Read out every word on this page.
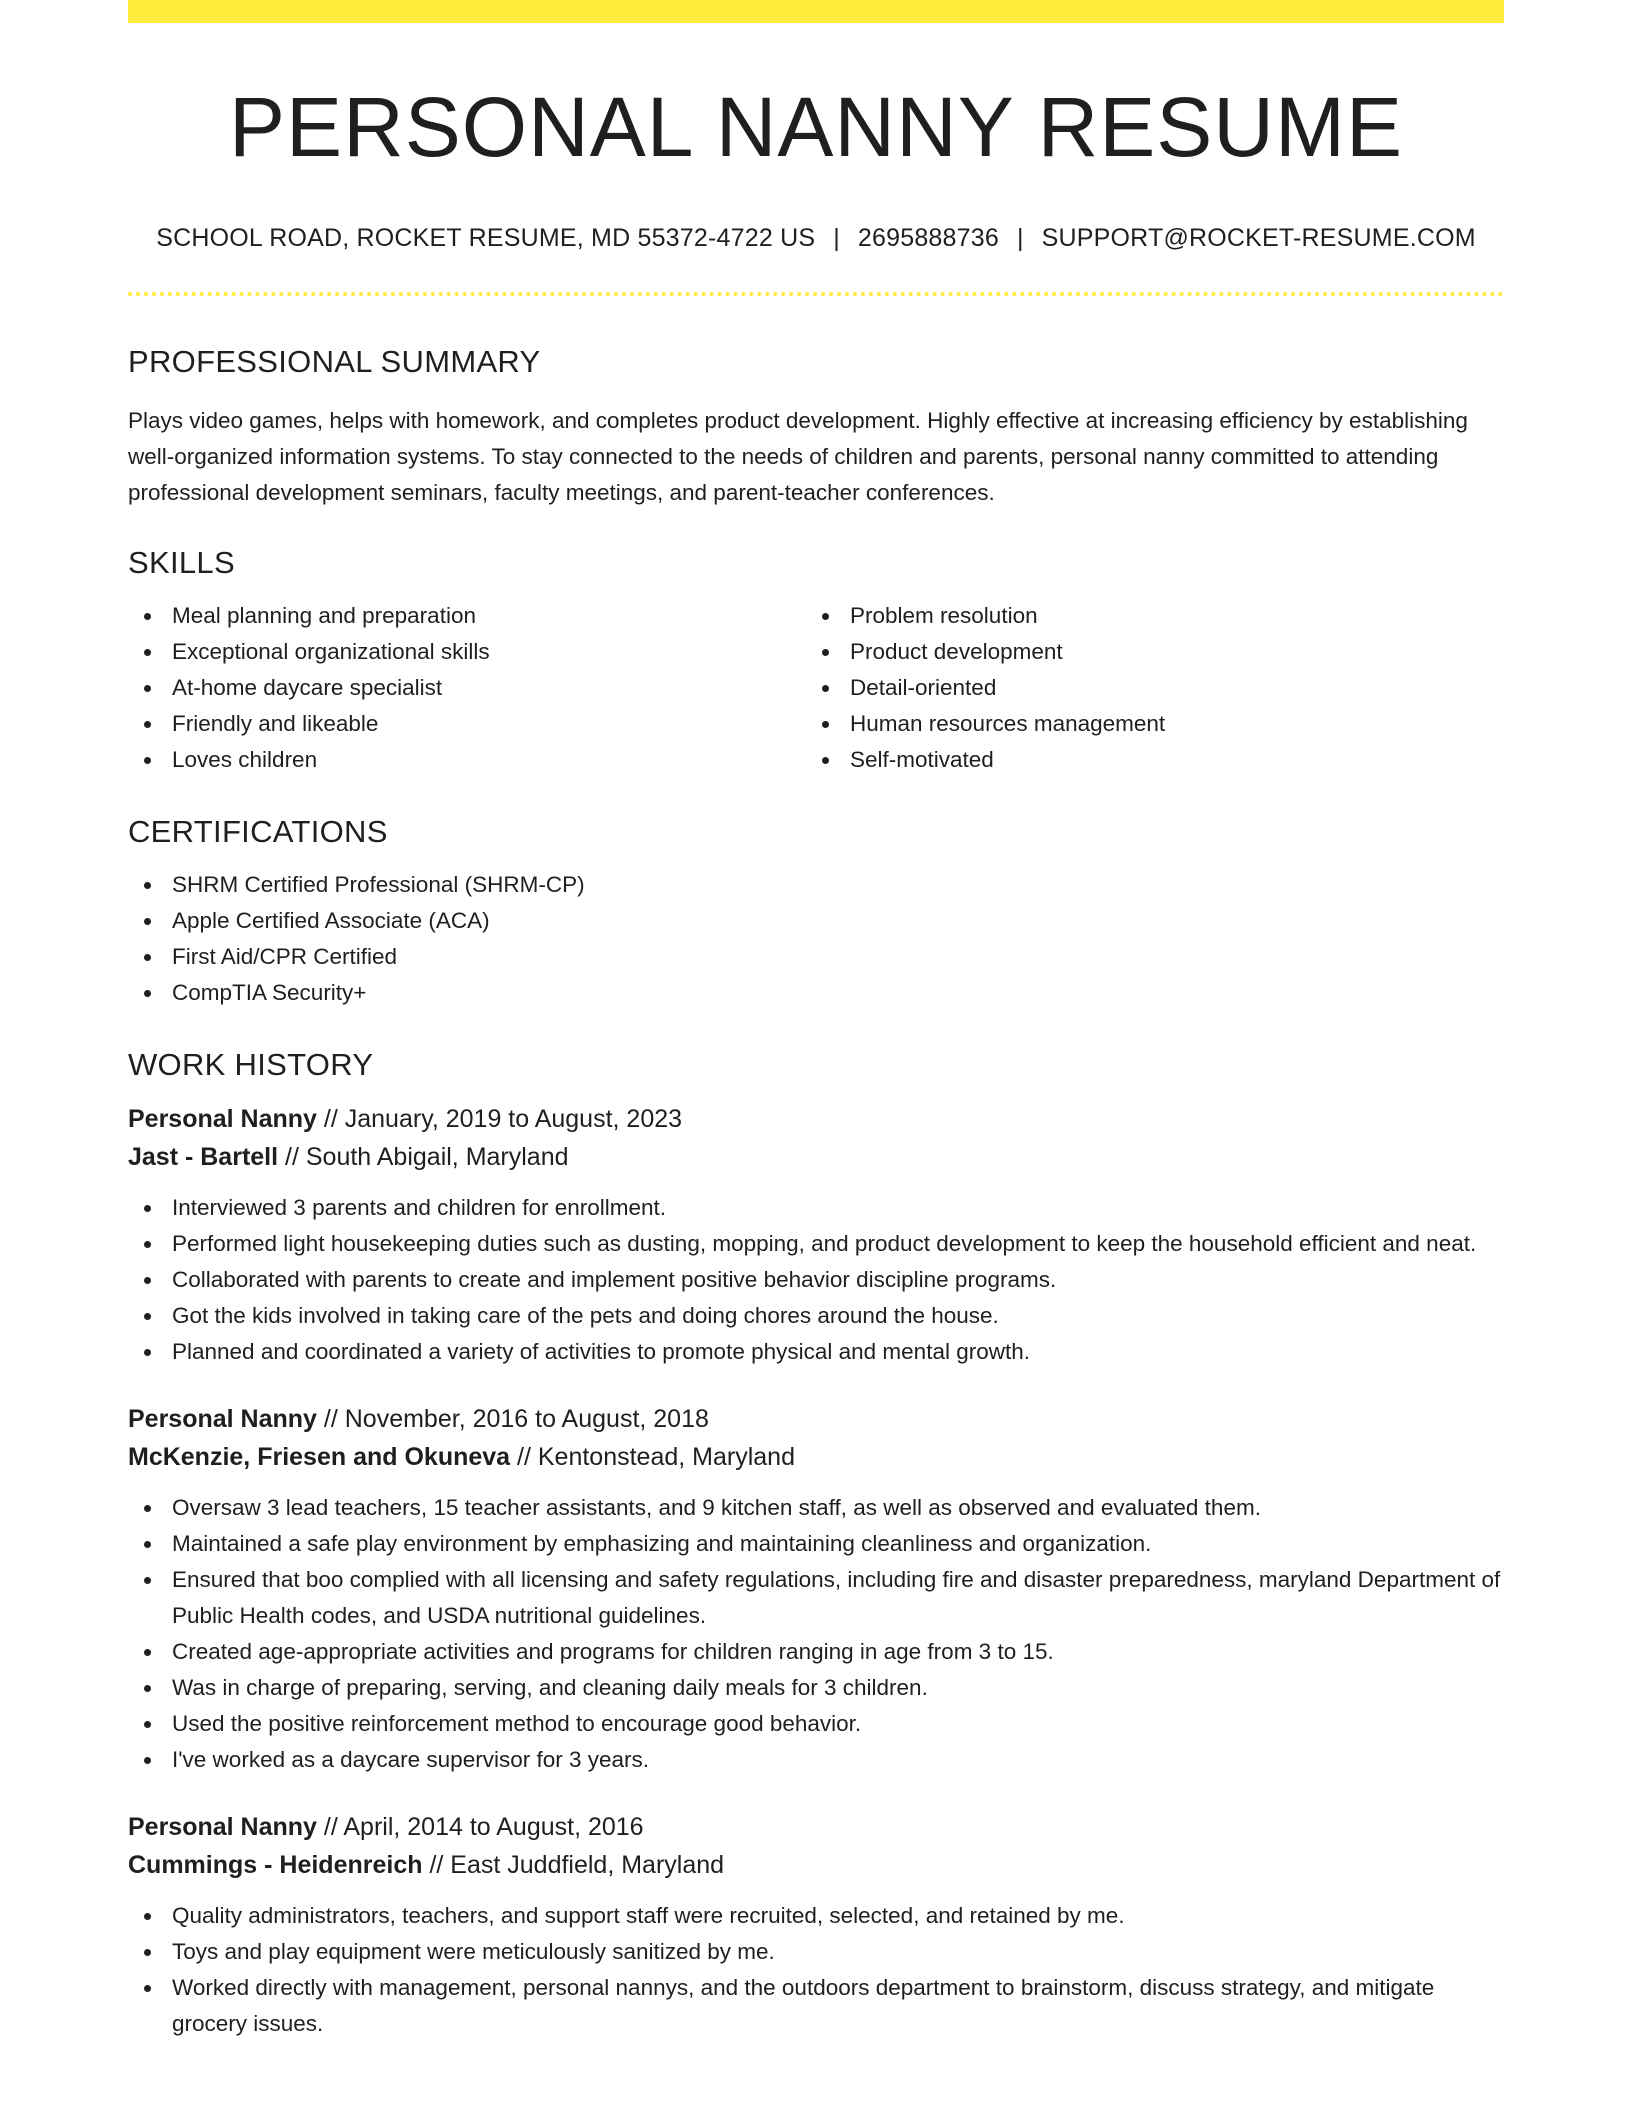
PERSONAL NANNY RESUME
SCHOOL ROAD, ROCKET RESUME, MD 55372-4722 US | 2695888736 | SUPPORT@ROCKET-RESUME.COM
PROFESSIONAL SUMMARY

Plays video games, helps with homework, and completes product development. Highly effective at increasing efficiency by establishing well-organized information systems. To stay connected to the needs of children and parents, personal nanny committed to attending professional development seminars, faculty meetings, and parent-teacher conferences.

SKILLS
Meal planning and preparation
Exceptional organizational skills
At-home daycare specialist
Friendly and likeable
Loves children
Problem resolution
Product development
Detail-oriented
Human resources management
Self-motivated
CERTIFICATIONS
SHRM Certified Professional (SHRM-CP)
Apple Certified Associate (ACA)
First Aid/CPR Certified
CompTIA Security+
WORK HISTORY
Personal Nanny // January, 2019 to August, 2023
Jast - Bartell // South Abigail, Maryland
Interviewed 3 parents and children for enrollment.
Performed light housekeeping duties such as dusting, mopping, and product development to keep the household efficient and neat.
Collaborated with parents to create and implement positive behavior discipline programs.
Got the kids involved in taking care of the pets and doing chores around the house.
Planned and coordinated a variety of activities to promote physical and mental growth.
Personal Nanny // November, 2016 to August, 2018
McKenzie, Friesen and Okuneva // Kentonstead, Maryland
Oversaw 3 lead teachers, 15 teacher assistants, and 9 kitchen staff, as well as observed and evaluated them.
Maintained a safe play environment by emphasizing and maintaining cleanliness and organization.
Ensured that boo complied with all licensing and safety regulations, including fire and disaster preparedness, maryland Department of Public Health codes, and USDA nutritional guidelines.
Created age-appropriate activities and programs for children ranging in age from 3 to 15.
Was in charge of preparing, serving, and cleaning daily meals for 3 children.
Used the positive reinforcement method to encourage good behavior.
I've worked as a daycare supervisor for 3 years.
Personal Nanny // April, 2014 to August, 2016
Cummings - Heidenreich // East Juddfield, Maryland
Quality administrators, teachers, and support staff were recruited, selected, and retained by me.
Toys and play equipment were meticulously sanitized by me.
Worked directly with management, personal nannys, and the outdoors department to brainstorm, discuss strategy, and mitigate grocery issues.
